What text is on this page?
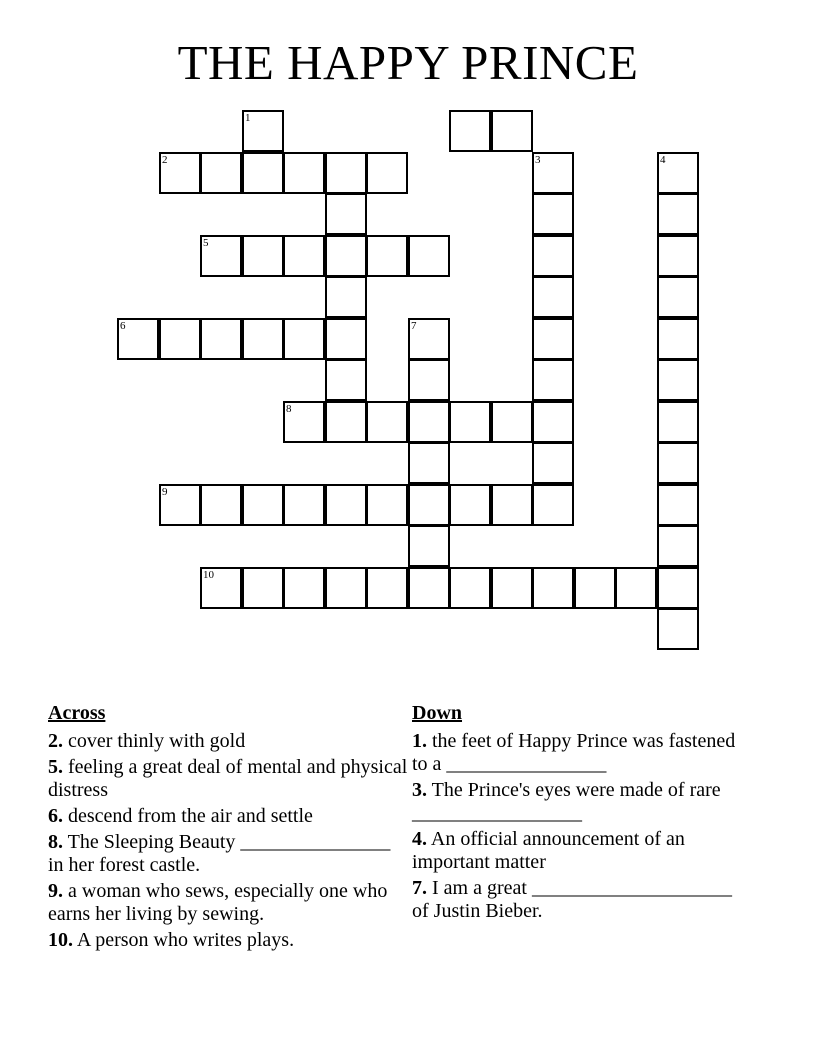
THE HAPPY PRINCE
1
2	3	4
5
6	7
8
9
10
Across
2. cover thinly with gold
5. feeling a great deal of mental and physical distress
6. descend from the air and settle
8. The Sleeping Beauty _______________ in her forest castle.
9. a woman who sews, especially one who earns her living by sewing.
10. A person who writes plays.
Down
1. the feet of Happy Prince was fastened to a ________________
3. The Prince's eyes were made of rare _________________
4. An official announcement of an important matter
7. I am a great ____________________ of Justin Bieber.
